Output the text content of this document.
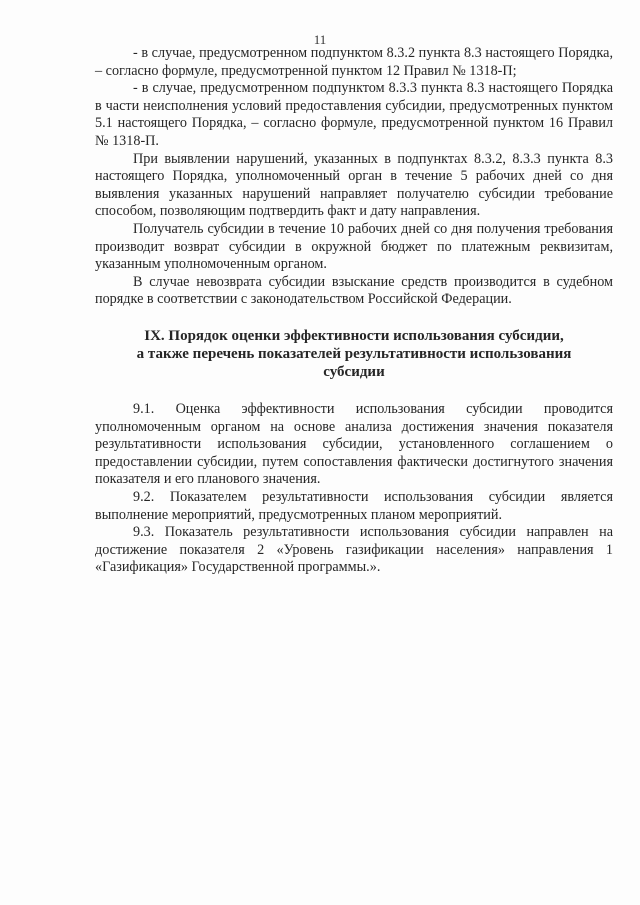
11

- в случае, предусмотренном подпунктом 8.3.2 пункта 8.3 настоящего Порядка, – согласно формуле, предусмотренной пунктом 12 Правил № 1318-П;

- в случае, предусмотренном подпунктом 8.3.3 пункта 8.3 настоящего Порядка в части неисполнения условий предоставления субсидии, предусмотренных пунктом 5.1 настоящего Порядка, – согласно формуле, предусмотренной пунктом 16 Правил № 1318-П.

При выявлении нарушений, указанных в подпунктах 8.3.2, 8.3.3 пункта 8.3 настоящего Порядка, уполномоченный орган в течение 5 рабочих дней со дня выявления указанных нарушений направляет получателю субсидии требование способом, позволяющим подтвердить факт и дату направления.

Получатель субсидии в течение 10 рабочих дней со дня получения требования производит возврат субсидии в окружной бюджет по платежным реквизитам, указанным уполномоченным органом.

В случае невозврата субсидии взыскание средств производится в судебном порядке в соответствии с законодательством Российской Федерации.

IX. Порядок оценки эффективности использования субсидии,
а также перечень показателей результативности использования
субсидии

9.1. Оценка эффективности использования субсидии проводится уполномоченным органом на основе анализа достижения значения показателя результативности использования субсидии, установленного соглашением о предоставлении субсидии, путем сопоставления фактически достигнутого значения показателя и его планового значения.

9.2. Показателем результативности использования субсидии является выполнение мероприятий, предусмотренных планом мероприятий.

9.3. Показатель результативности использования субсидии направлен на достижение показателя 2 «Уровень газификации населения» направления 1 «Газификация» Государственной программы.».
